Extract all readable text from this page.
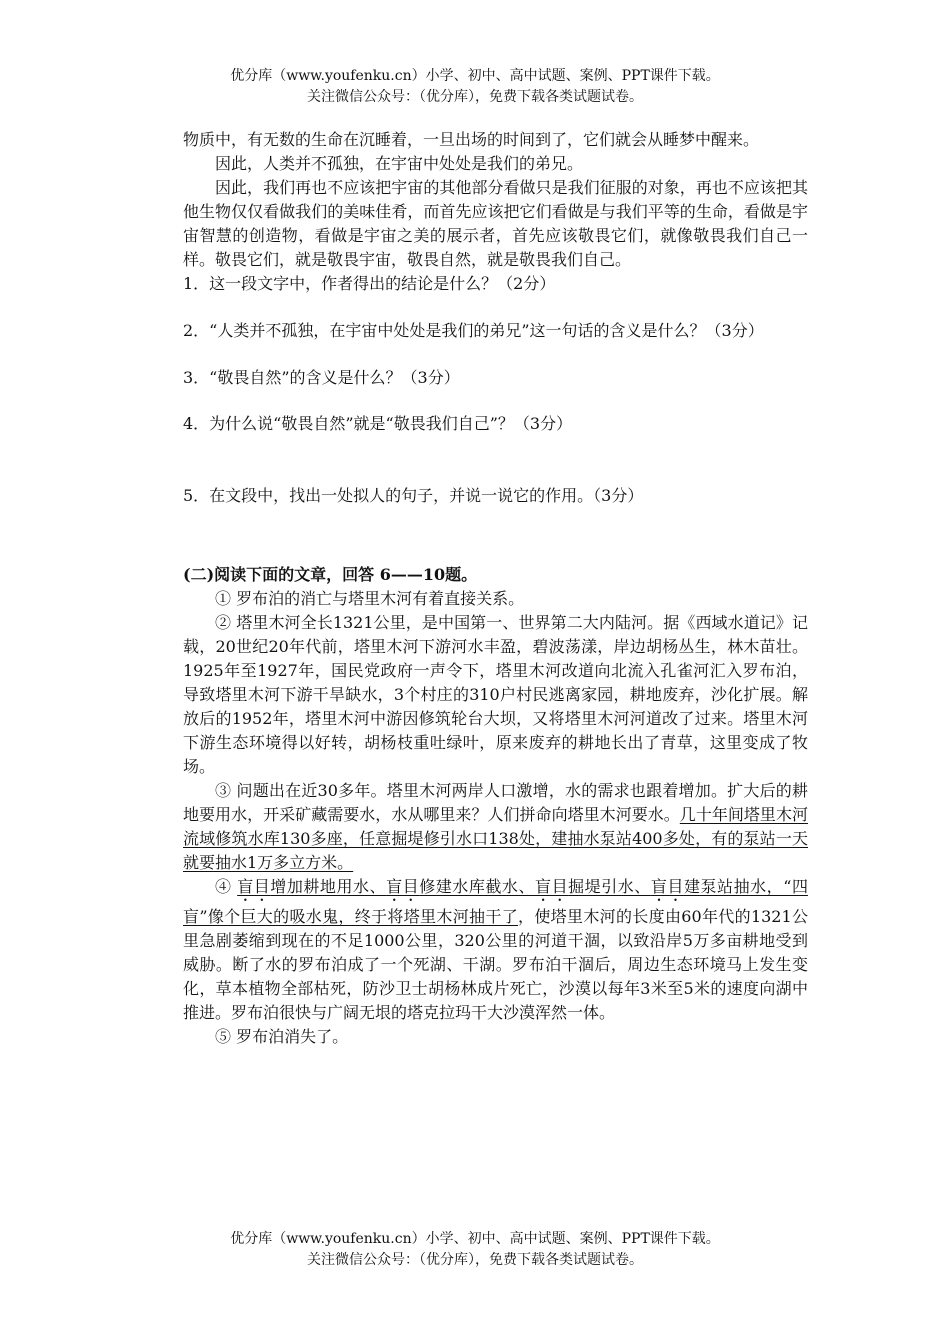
优分库（www.youfenku.cn）小学、初中、高中试题、案例、PPT课件下载。
关注微信公众号：（优分库），免费下载各类试题试卷。

物质中，有无数的生命在沉睡着，一旦出场的时间到了，它们就会从睡梦中醒来。

因此，人类并不孤独，在宇宙中处处是我们的弟兄。

因此，我们再也不应该把宇宙的其他部分看做只是我们征服的对象，再也不应该把其他生物仅仅看做我们的美味佳肴，而首先应该把它们看做是与我们平等的生命，看做是宇宙智慧的创造物，看做是宇宙之美的展示者，首先应该敬畏它们，就像敬畏我们自己一样。敬畏它们，就是敬畏宇宙，敬畏自然，就是敬畏我们自己。

1．这一段文字中，作者得出的结论是什么？（2分）

2．“人类并不孤独，在宇宙中处处是我们的弟兄”这一句话的含义是什么？（3分）

3．“敬畏自然”的含义是什么？（3分）

4．为什么说“敬畏自然”就是“敬畏我们自己”？（3分）

5．在文段中，找出一处拟人的句子，并说一说它的作用。（3分）

(二)阅读下面的文章，回答 6——10题。

① 罗布泊的消亡与塔里木河有着直接关系。

② 塔里木河全长1321公里，是中国第一、世界第二大内陆河。据《西域水道记》记载，20世纪20年代前，塔里木河下游河水丰盈，碧波荡漾，岸边胡杨丛生，林木苗壮。1925年至1927年，国民党政府一声令下，塔里木河改道向北流入孔雀河汇入罗布泊，导致塔里木河下游干旱缺水，3个村庄的310户村民逃离家园，耕地废弃，沙化扩展。解放后的1952年，塔里木河中游因修筑轮台大坝，又将塔里木河河道改了过来。塔里木河下游生态环境得以好转，胡杨枝重吐绿叶，原来废弃的耕地长出了青草，这里变成了牧场。

③ 问题出在近30多年。塔里木河两岸人口激增，水的需求也跟着增加。扩大后的耕地要用水，开采矿藏需要水，水从哪里来？人们拼命向塔里木河要水。几十年间塔里木河流域修筑水库130多座，任意掘堤修引水口138处，建抽水泵站400多处，有的泵站一天就要抽水1万多立方米。

④ 盲目增加耕地用水、盲目修建水库截水、盲目掘堤引水、盲目建泵站抽水，“四盲”像个巨大的吸水鬼，终于将塔里木河抽干了，使塔里木河的长度由60年代的1321公里急剧萎缩到现在的不足1000公里，320公里的河道干涸，以致沿岸5万多亩耕地受到威胁。断了水的罗布泊成了一个死湖、干湖。罗布泊干涸后，周边生态环境马上发生变化，草本植物全部枯死，防沙卫士胡杨林成片死亡，沙漠以每年3米至5米的速度向湖中推进。罗布泊很快与广阔无垠的塔克拉玛干大沙漠浑然一体。

⑤ 罗布泊消失了。

优分库（www.youfenku.cn）小学、初中、高中试题、案例、PPT课件下载。
关注微信公众号：（优分库），免费下载各类试题试卷。
